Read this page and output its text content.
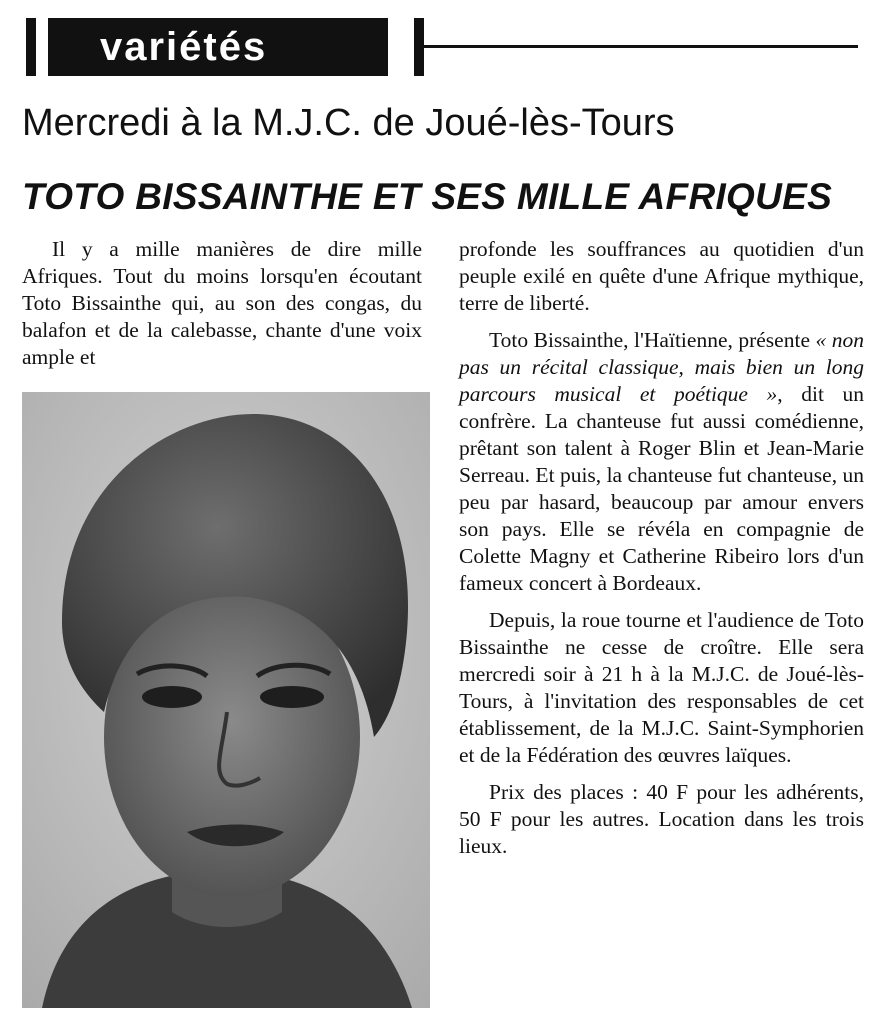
variétés
Mercredi à la M.J.C. de Joué-lès-Tours
TOTO BISSAINTHE ET SES MILLE AFRIQUES

Il y a mille manières de dire mille Afriques. Tout du moins lorsqu'en écoutant Toto Bissainthe qui, au son des congas, du balafon et de la calebasse, chante d'une voix ample et

profonde les souffrances au quotidien d'un peuple exilé en quête d'une Afrique mythique, terre de liberté.

Toto Bissainthe, l'Haïtienne, présente « non pas un récital classique, mais bien un long parcours musical et poétique », dit un confrère. La chanteuse fut aussi comédienne, prêtant son talent à Roger Blin et Jean-Marie Serreau. Et puis, la chanteuse fut chanteuse, un peu par hasard, beaucoup par amour envers son pays. Elle se révéla en compagnie de Colette Magny et Catherine Ribeiro lors d'un fameux concert à Bordeaux.

Depuis, la roue tourne et l'audience de Toto Bissainthe ne cesse de croître. Elle sera mercredi soir à 21 h à la M.J.C. de Joué-lès-Tours, à l'invitation des responsables de cet établissement, de la M.J.C. Saint-Symphorien et de la Fédération des œuvres laïques.

Prix des places : 40 F pour les adhérents, 50 F pour les autres. Location dans les trois lieux.
